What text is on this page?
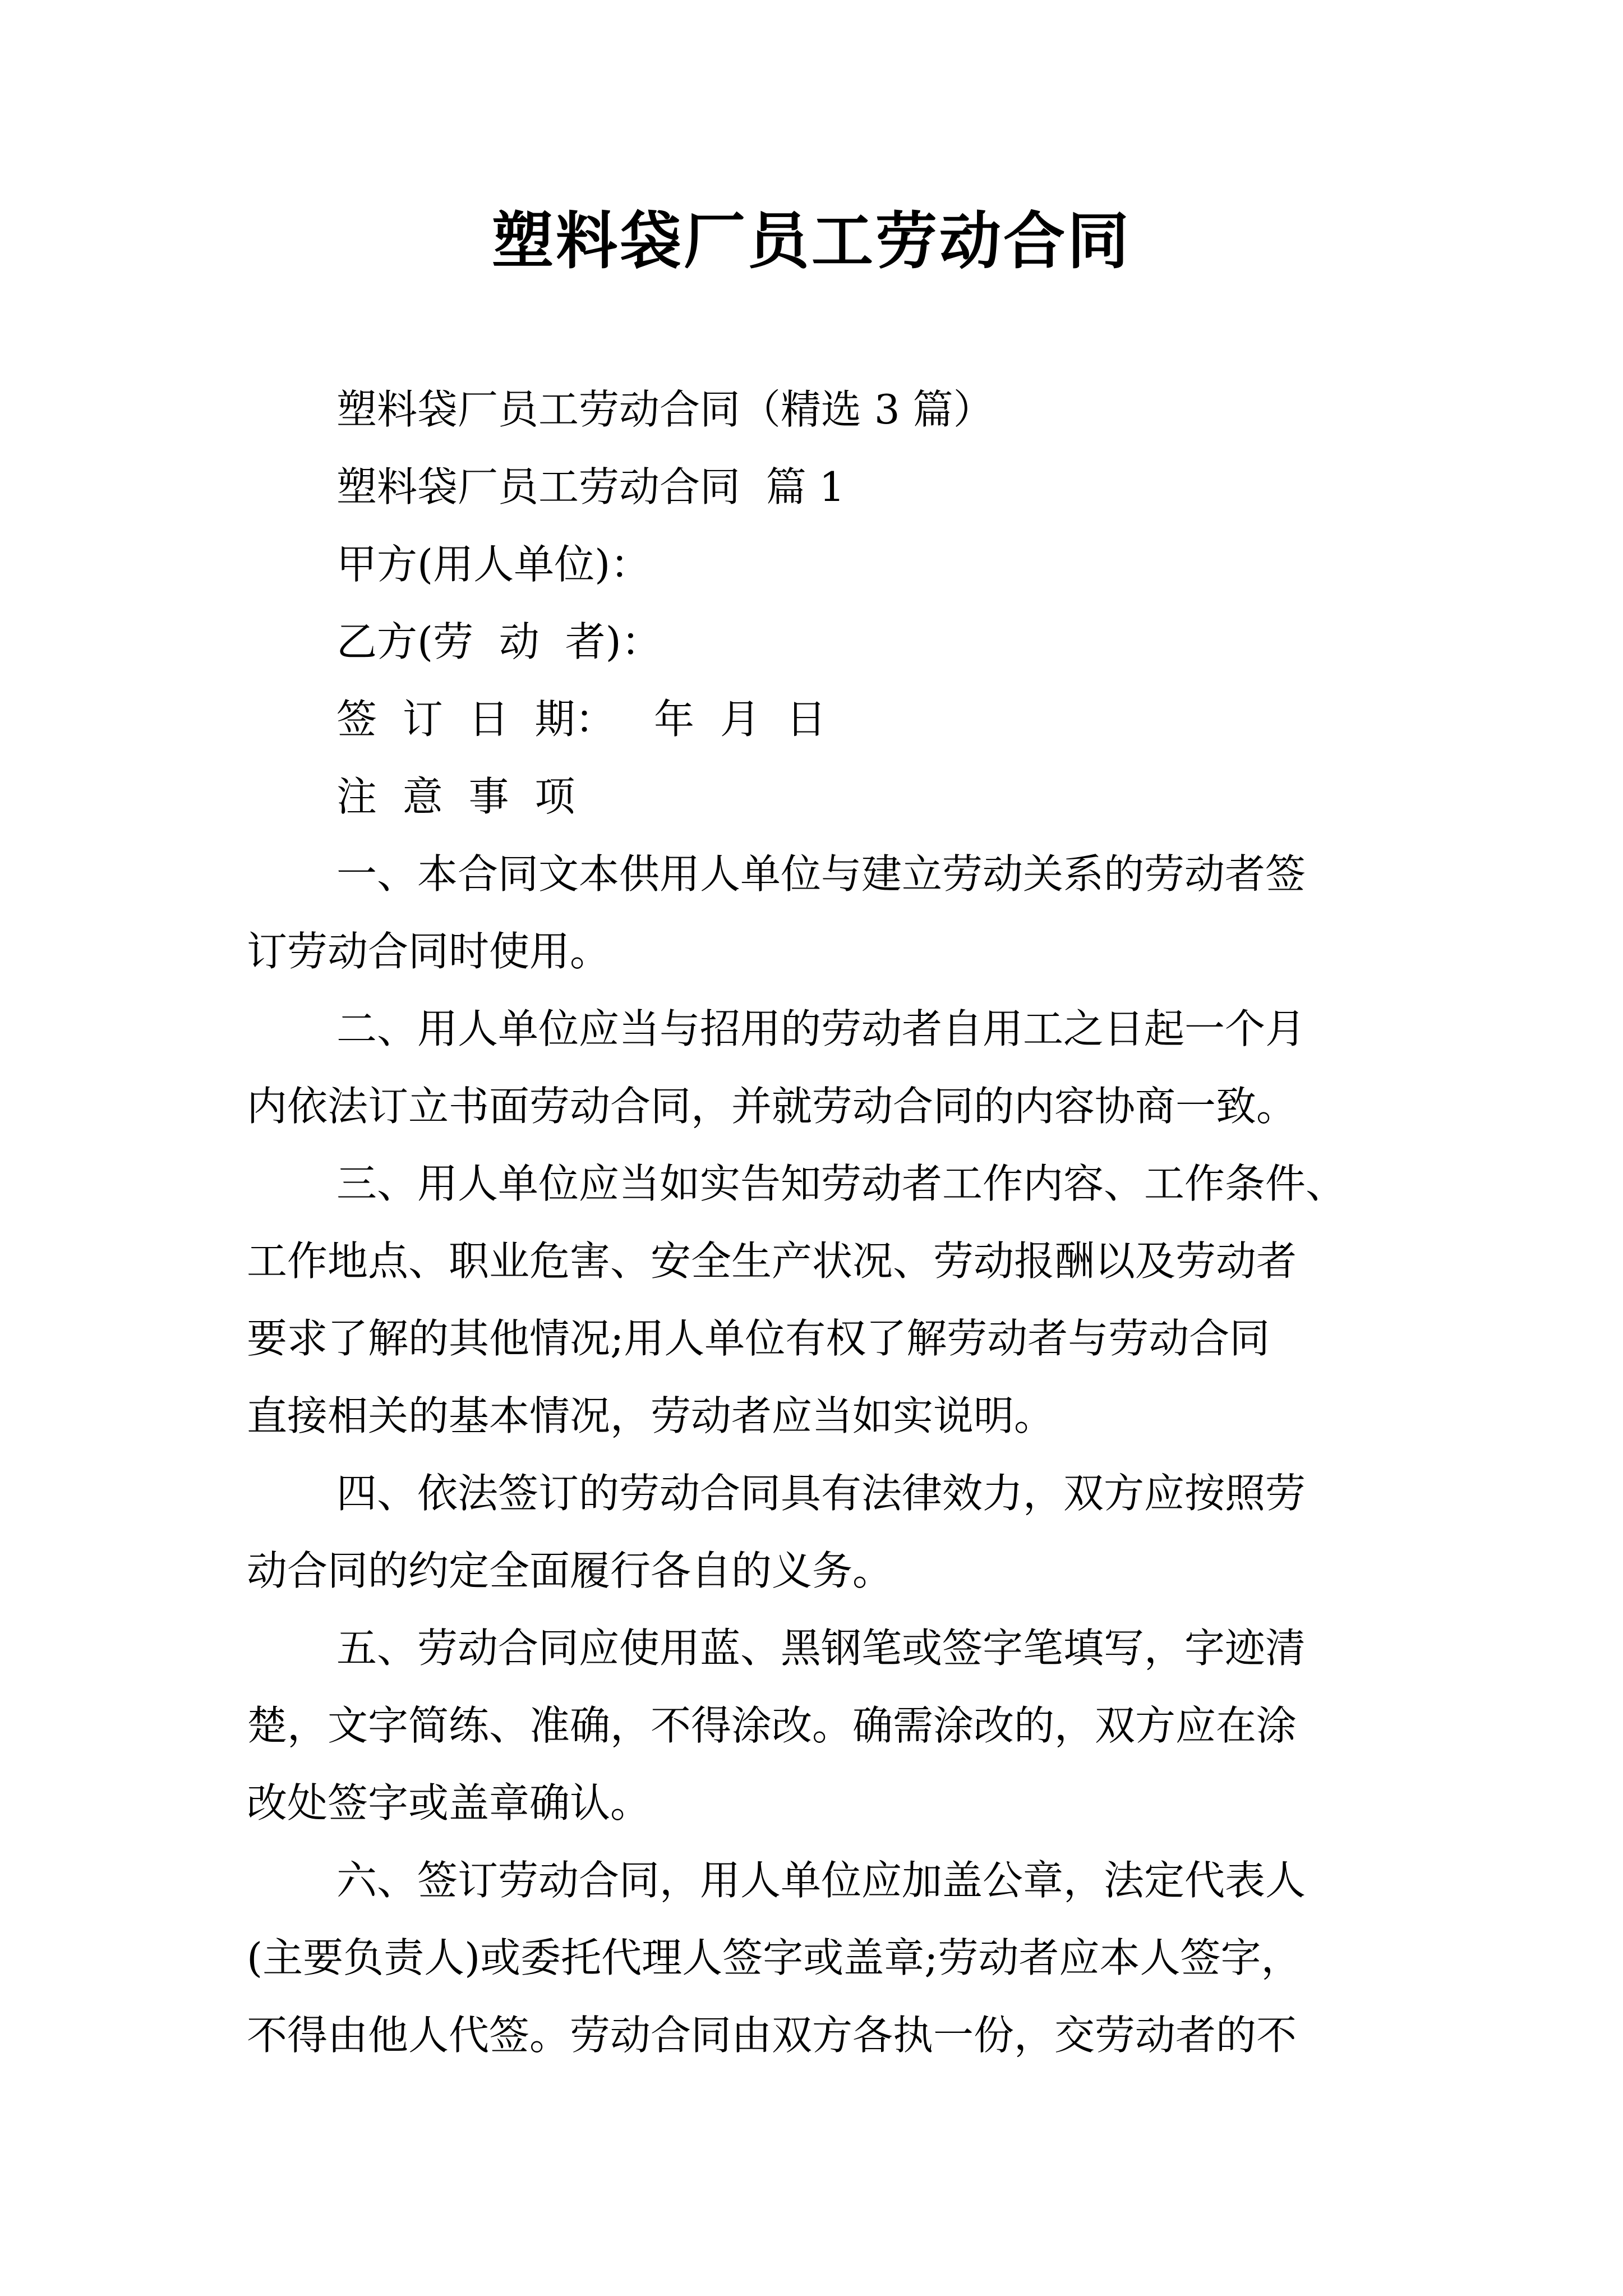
塑料袋厂员工劳动合同
塑料袋厂员工劳动合同（精选 3 篇）
塑料袋厂员工劳动合同  篇 1
甲方(用人单位)：
乙方(劳  动  者)：
签  订  日  期：   年  月  日
注  意  事  项
一、本合同文本供用人单位与建立劳动关系的劳动者签
订劳动合同时使用。
二、用人单位应当与招用的劳动者自用工之日起一个月
内依法订立书面劳动合同，并就劳动合同的内容协商一致。
三、用人单位应当如实告知劳动者工作内容、工作条件、
工作地点、职业危害、安全生产状况、劳动报酬以及劳动者
要求了解的其他情况;用人单位有权了解劳动者与劳动合同
直接相关的基本情况，劳动者应当如实说明。
四、依法签订的劳动合同具有法律效力，双方应按照劳
动合同的约定全面履行各自的义务。
五、劳动合同应使用蓝、黑钢笔或签字笔填写，字迹清
楚，文字简练、准确，不得涂改。确需涂改的，双方应在涂
改处签字或盖章确认。
六、签订劳动合同，用人单位应加盖公章，法定代表人
(主要负责人)或委托代理人签字或盖章;劳动者应本人签字，
不得由他人代签。劳动合同由双方各执一份，交劳动者的不
